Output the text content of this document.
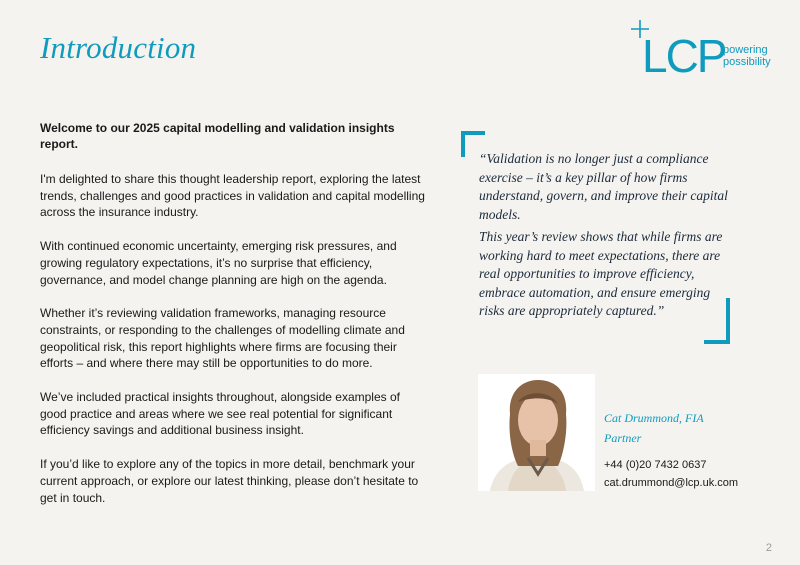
Introduction	LCP
powering
possibility

Welcome to our 2025 capital modelling and validation insights report.

I'm delighted to share this thought leadership report, exploring the latest trends, challenges and good practices in validation and capital modelling across the insurance industry.

With continued economic uncertainty, emerging risk pressures, and growing regulatory expectations, it’s no surprise that efficiency, governance, and model change planning are high on the agenda.

Whether it’s reviewing validation frameworks, managing resource constraints, or responding to the challenges of modelling climate and geopolitical risk, this report highlights where firms are focusing their efforts – and where there may still be opportunities to do more.

We’ve included practical insights throughout, alongside examples of good practice and areas where we see real potential for significant efficiency savings and additional business insight.

If you’d like to explore any of the topics in more detail, benchmark your current approach, or explore our latest thinking, please don’t hesitate to get in touch.

“Validation is no longer just a compliance exercise – it’s a key pillar of how firms understand, govern, and improve their capital models.

This year’s review shows that while firms are working hard to meet expectations, there are real opportunities to improve efficiency, embrace automation, and ensure emerging risks are appropriately captured.”

Cat Drummond, FIA
Partner
+44 (0)20 7432 0637
cat.drummond@lcp.uk.com
2
